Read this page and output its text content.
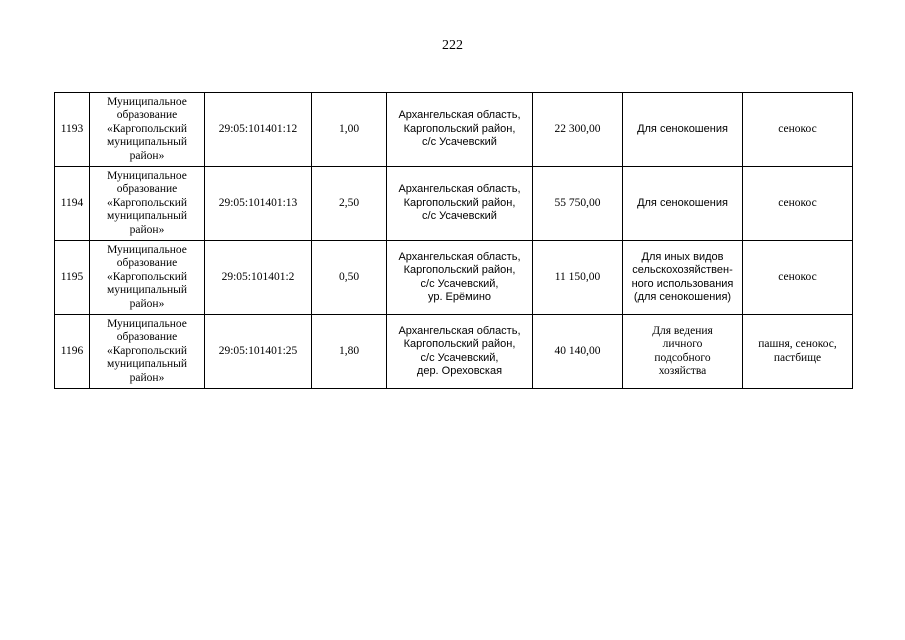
222
1193	Муниципальное
образование
«Каргопольский
муниципальный
район»	29:05:101401:12	1,00	Архангельская область,
Каргопольский район,
с/с Усачевский	22 300,00	Для сенокошения	сенокос
1194	Муниципальное
образование
«Каргопольский
муниципальный
район»	29:05:101401:13	2,50	Архангельская область,
Каргопольский район,
с/с Усачевский	55 750,00	Для сенокошения	сенокос
1195	Муниципальное
образование
«Каргопольский
муниципальный
район»	29:05:101401:2	0,50	Архангельская область,
Каргопольский район,
с/с Усачевский,
ур. Ерёмино	11 150,00	Для иных видов
сельскохозяйствен-
ного использования
(для сенокошения)	сенокос
1196	Муниципальное
образование
«Каргопольский
муниципальный
район»	29:05:101401:25	1,80	Архангельская область,
Каргопольский район,
с/с Усачевский,
дер. Ореховская	40 140,00	Для ведения
личного
подсобного
хозяйства	пашня, сенокос,
пастбище
